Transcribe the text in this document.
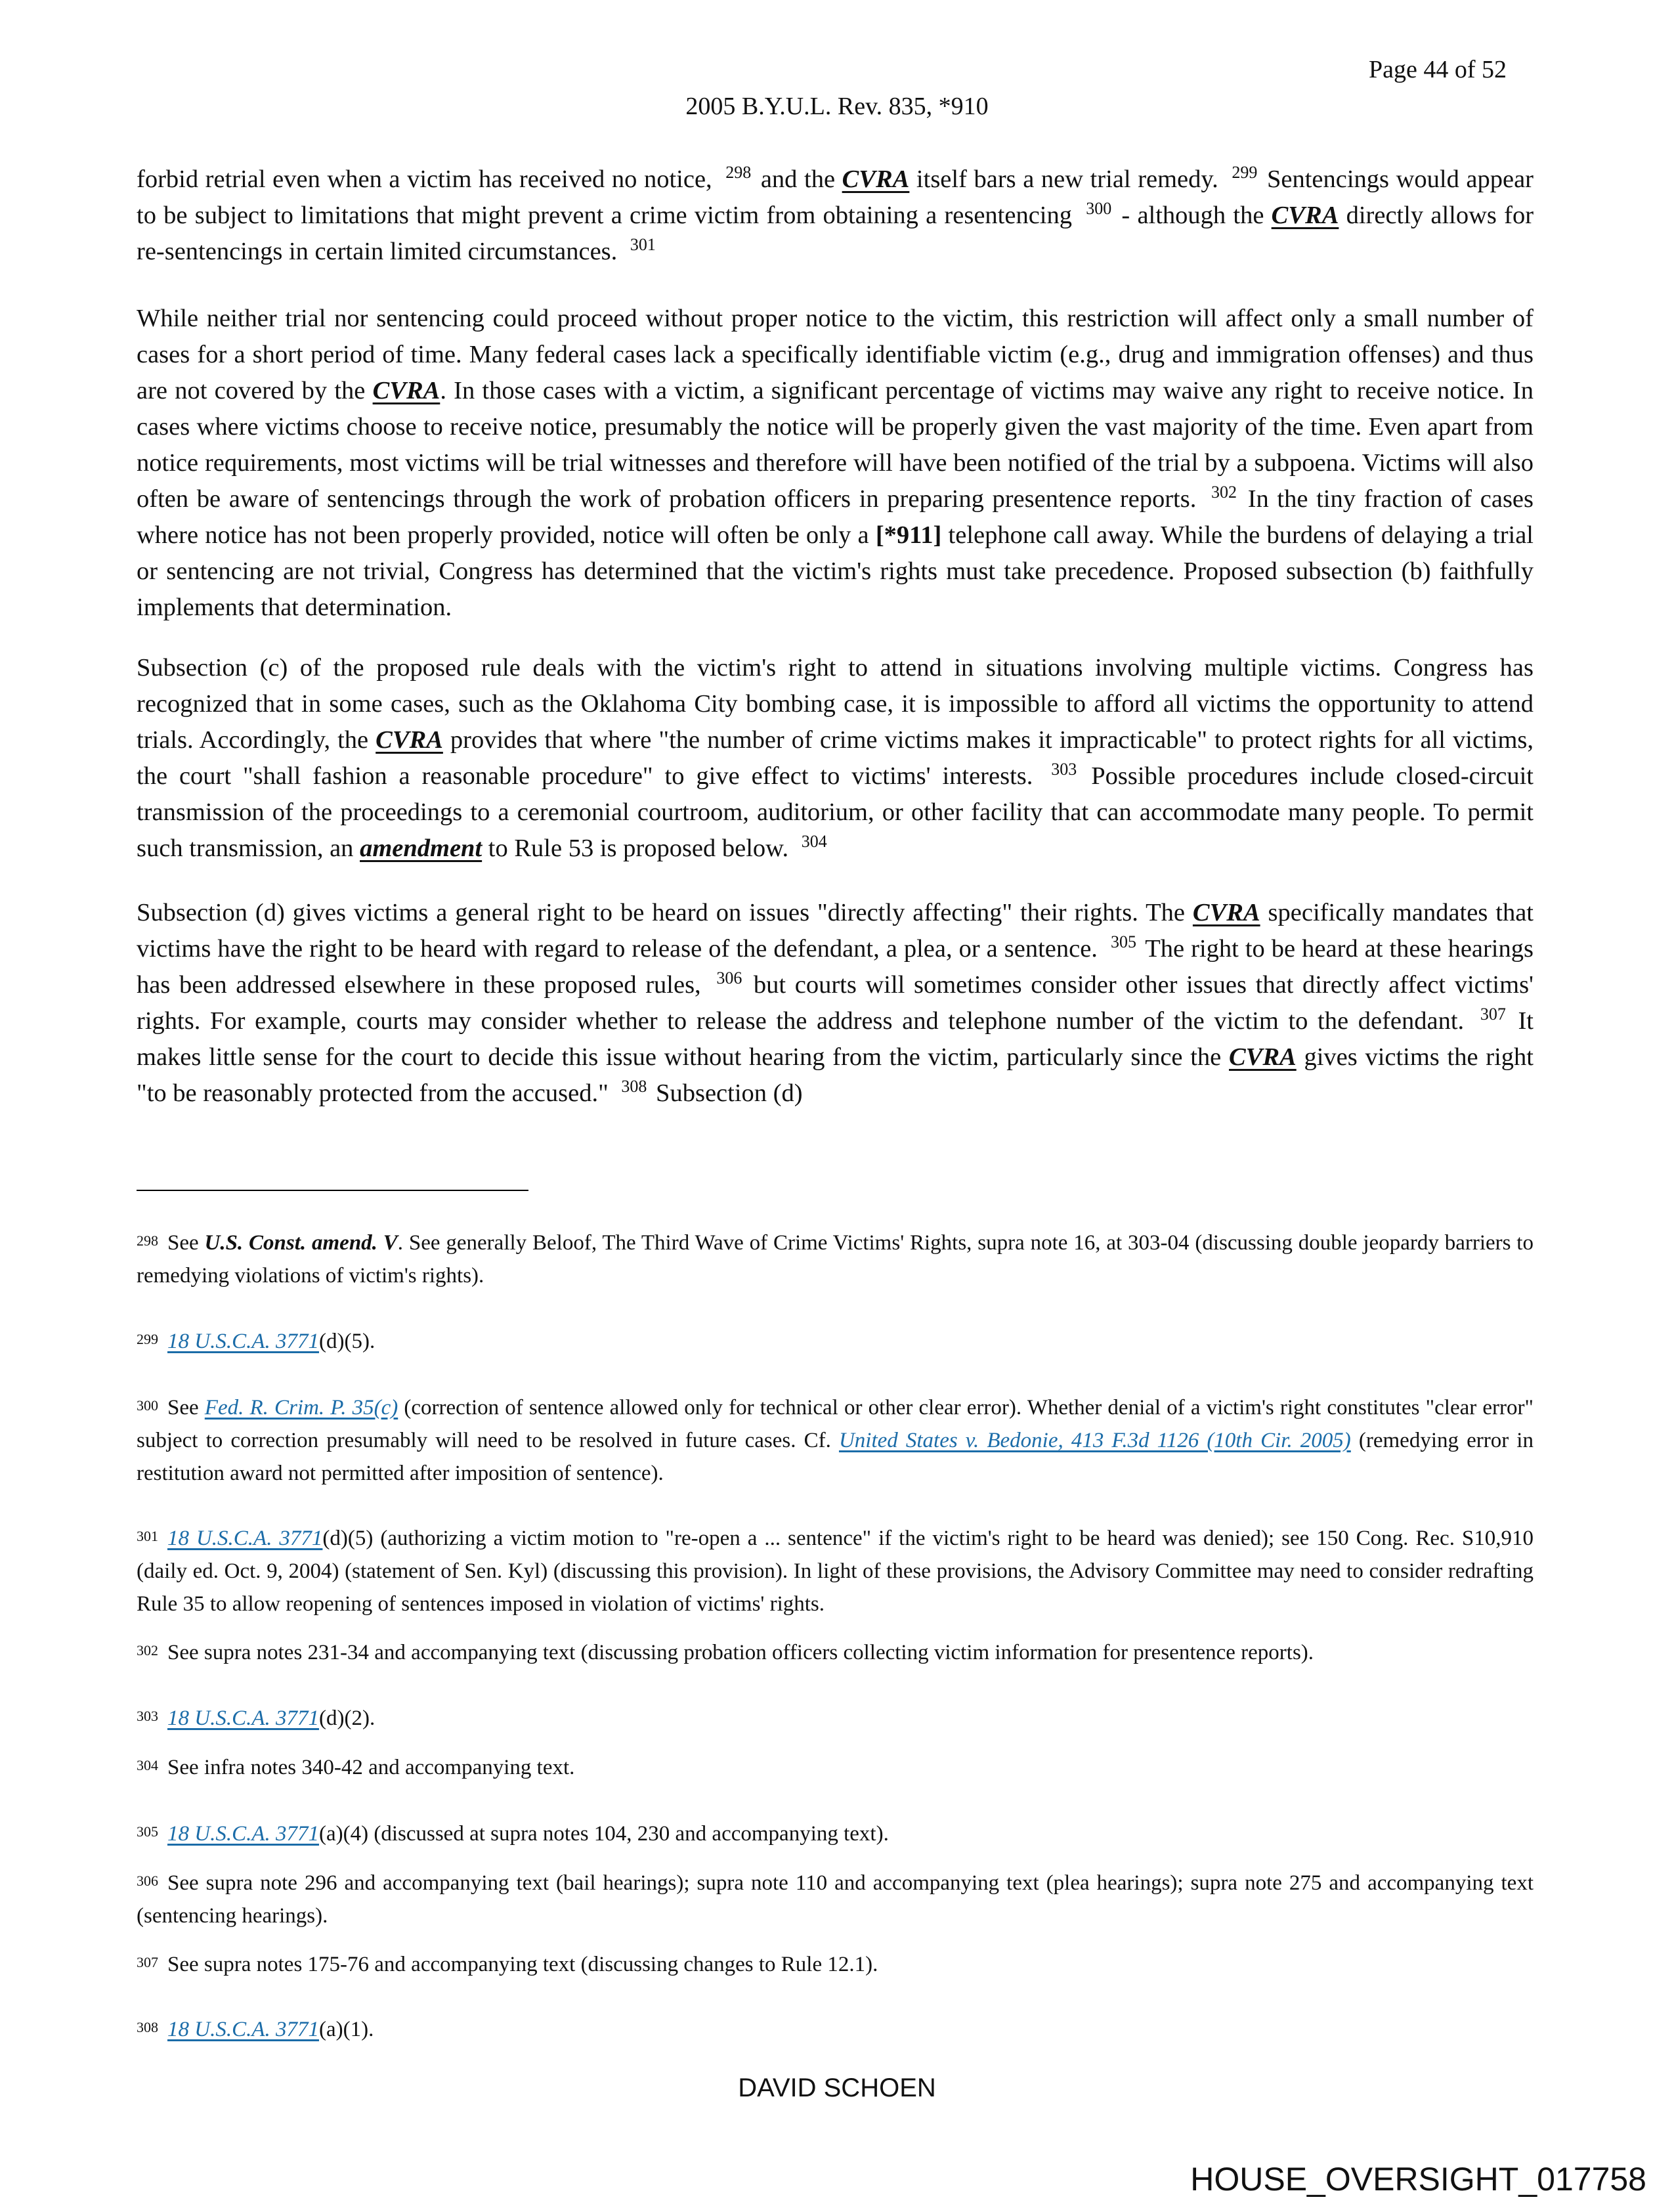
Page 44 of 52
2005 B.Y.U.L. Rev. 835, *910
forbid retrial even when a victim has received no notice, $^{298}$ and the CVRA itself bars a new trial remedy. $^{299}$ Sentencings would appear to be subject to limitations that might prevent a crime victim from obtaining a resentencing $^{300}$ - although the CVRA directly allows for re-sentencings in certain limited circumstances. $^{301}$
While neither trial nor sentencing could proceed without proper notice to the victim, this restriction will affect only a small number of cases for a short period of time. Many federal cases lack a specifically identifiable victim (e.g., drug and immigration offenses) and thus are not covered by the CVRA. In those cases with a victim, a significant percentage of victims may waive any right to receive notice. In cases where victims choose to receive notice, presumably the notice will be properly given the vast majority of the time. Even apart from notice requirements, most victims will be trial witnesses and therefore will have been notified of the trial by a subpoena. Victims will also often be aware of sentencings through the work of probation officers in preparing presentence reports. $^{302}$ In the tiny fraction of cases where notice has not been properly provided, notice will often be only a [*911] telephone call away. While the burdens of delaying a trial or sentencing are not trivial, Congress has determined that the victim's rights must take precedence. Proposed subsection (b) faithfully implements that determination.
Subsection (c) of the proposed rule deals with the victim's right to attend in situations involving multiple victims. Congress has recognized that in some cases, such as the Oklahoma City bombing case, it is impossible to afford all victims the opportunity to attend trials. Accordingly, the CVRA provides that where "the number of crime victims makes it impracticable" to protect rights for all victims, the court "shall fashion a reasonable procedure" to give effect to victims' interests. $^{303}$ Possible procedures include closed-circuit transmission of the proceedings to a ceremonial courtroom, auditorium, or other facility that can accommodate many people. To permit such transmission, an amendment to Rule 53 is proposed below. $^{304}$
Subsection (d) gives victims a general right to be heard on issues "directly affecting" their rights. The CVRA specifically mandates that victims have the right to be heard with regard to release of the defendant, a plea, or a sentence. $^{305}$ The right to be heard at these hearings has been addressed elsewhere in these proposed rules, $^{306}$ but courts will sometimes consider other issues that directly affect victims' rights. For example, courts may consider whether to release the address and telephone number of the victim to the defendant. $^{307}$ It makes little sense for the court to decide this issue without hearing from the victim, particularly since the CVRA gives victims the right "to be reasonably protected from the accused." $^{308}$ Subsection (d)
298 See U.S. Const. amend. V. See generally Beloof, The Third Wave of Crime Victims' Rights, supra note 16, at 303-04 (discussing double jeopardy barriers to remedying violations of victim's rights).
299 18 U.S.C.A. 3771(d)(5).
300 See Fed. R. Crim. P. 35(c) (correction of sentence allowed only for technical or other clear error). Whether denial of a victim's right constitutes "clear error" subject to correction presumably will need to be resolved in future cases. Cf. United States v. Bedonie, 413 F.3d 1126 (10th Cir. 2005) (remedying error in restitution award not permitted after imposition of sentence).
301 18 U.S.C.A. 3771(d)(5) (authorizing a victim motion to "re-open a ... sentence" if the victim's right to be heard was denied); see 150 Cong. Rec. S10,910 (daily ed. Oct. 9, 2004) (statement of Sen. Kyl) (discussing this provision). In light of these provisions, the Advisory Committee may need to consider redrafting Rule 35 to allow reopening of sentences imposed in violation of victims' rights.
302 See supra notes 231-34 and accompanying text (discussing probation officers collecting victim information for presentence reports).
303 18 U.S.C.A. 3771(d)(2).
304 See infra notes 340-42 and accompanying text.
305 18 U.S.C.A. 3771(a)(4) (discussed at supra notes 104, 230 and accompanying text).
306 See supra note 296 and accompanying text (bail hearings); supra note 110 and accompanying text (plea hearings); supra note 275 and accompanying text (sentencing hearings).
307 See supra notes 175-76 and accompanying text (discussing changes to Rule 12.1).
308 18 U.S.C.A. 3771(a)(1).
DAVID SCHOEN
HOUSE_OVERSIGHT_017758
